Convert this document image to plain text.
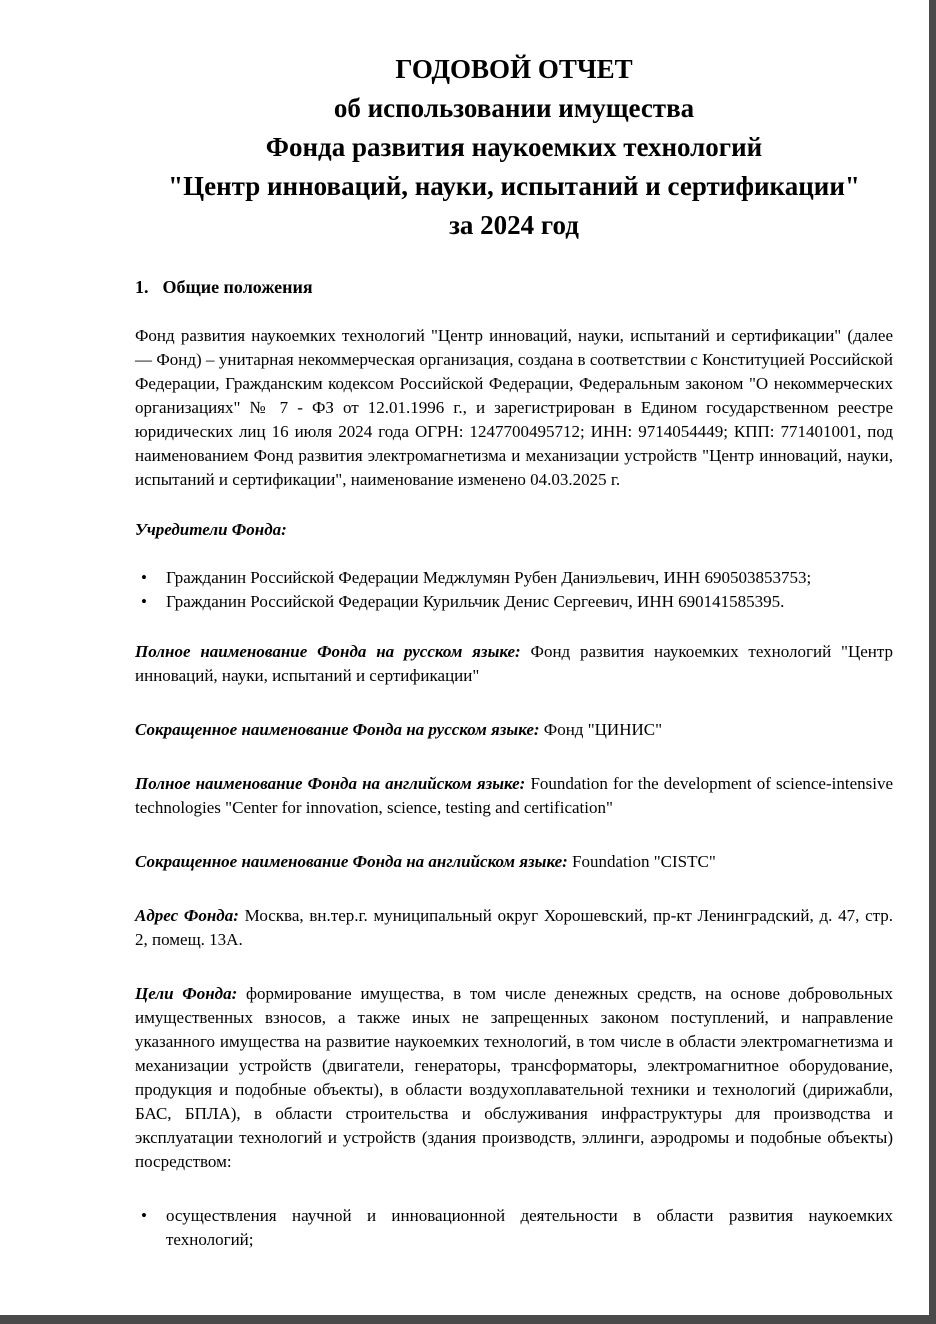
ГОДОВОЙ ОТЧЕТ
об использовании имущества
Фонда развития наукоемких технологий
"Центр инноваций, науки, испытаний и сертификации"
за 2024 год
1. Общие положения

Фонд развития наукоемких технологий "Центр инноваций, науки, испытаний и сертификации" (далее — Фонд) – унитарная некоммерческая организация, создана в соответствии с Конституцией Российской Федерации, Гражданским кодексом Российской Федерации, Федеральным законом "О некоммерческих организациях" № 7 - ФЗ от 12.01.1996 г., и зарегистрирован в Едином государственном реестре юридических лиц 16 июля 2024 года ОГРН: 1247700495712; ИНН: 9714054449; КПП: 771401001, под наименованием Фонд развития электромагнетизма и механизации устройств "Центр инноваций, науки, испытаний и сертификации", наименование изменено 04.03.2025 г.

Учредители Фонда:

• Гражданин Российской Федерации Меджлумян Рубен Даниэльевич, ИНН 690503853753;
• Гражданин Российской Федерации Курильчик Денис Сергеевич, ИНН 690141585395.

Полное наименование Фонда на русском языке: Фонд развития наукоемких технологий "Центр инноваций, науки, испытаний и сертификации"

Сокращенное наименование Фонда на русском языке: Фонд "ЦИНИС"

Полное наименование Фонда на английском языке: Foundation for the development of science-intensive technologies "Center for innovation, science, testing and certification"

Сокращенное наименование Фонда на английском языке: Foundation "CISTC"

Адрес Фонда: Москва, вн.тер.г. муниципальный округ Хорошевский, пр-кт Ленинградский, д. 47, стр. 2, помещ. 13А.

Цели Фонда: формирование имущества, в том числе денежных средств, на основе добровольных имущественных взносов, а также иных не запрещенных законом поступлений, и направление указанного имущества на развитие наукоемких технологий, в том числе в области электромагнетизма и механизации устройств (двигатели, генераторы, трансформаторы, электромагнитное оборудование, продукция и подобные объекты), в области воздухоплавательной техники и технологий (дирижабли, БАС, БПЛА), в области строительства и обслуживания инфраструктуры для производства и эксплуатации технологий и устройств (здания производств, эллинги, аэродромы и подобные объекты) посредством:

• осуществления научной и инновационной деятельности в области развития наукоемких технологий;
